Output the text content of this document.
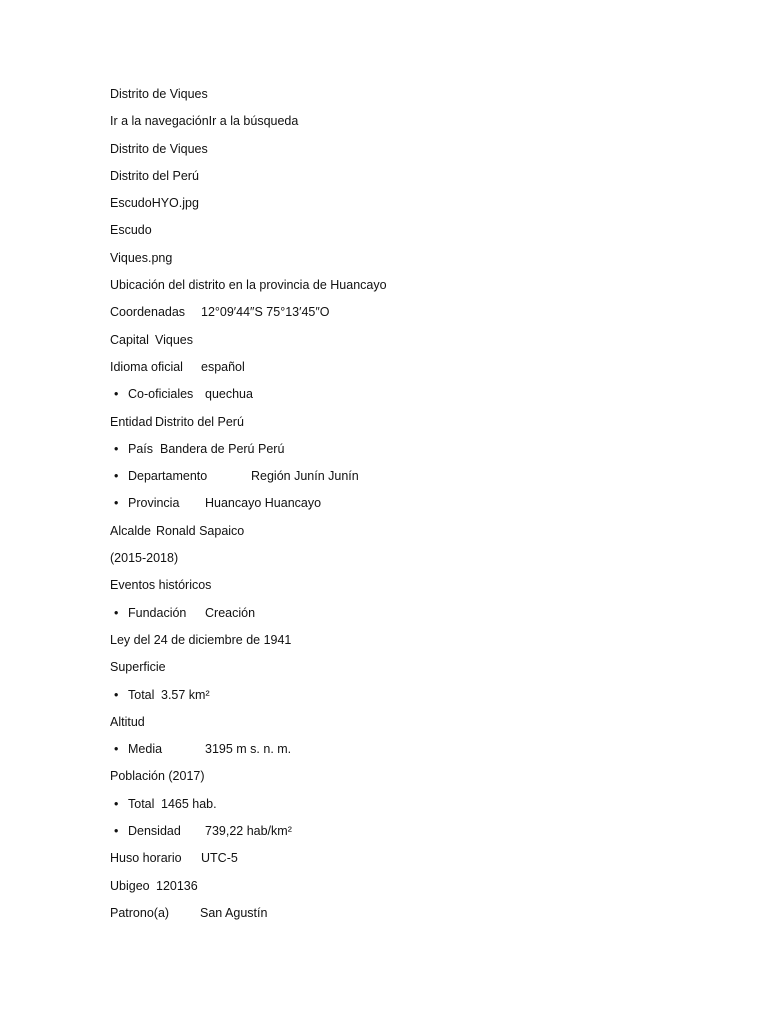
Distrito de Viques
Ir a la navegaciónIr a la búsqueda
Distrito de Viques
Distrito del Perú
EscudoHYO.jpg
Escudo
Viques.png
Ubicación del distrito en la provincia de Huancayo
Coordenadas	12°09′44″S 75°13′45″O
Capital Viques
Idioma oficial	español
• Co-oficiales quechua
Entidad Distrito del Perú
• País Bandera de Perú Perú
• Departamento	Región Junín Junín
• Provincia	Huancayo Huancayo
Alcalde Ronald Sapaico
(2015-2018)
Eventos históricos
• Fundación	Creación
Ley del 24 de diciembre de 1941
Superficie
• Total 3.57 km²
Altitud
• Media	3195 m s. n. m.
Población (2017)
• Total 1465 hab.
• Densidad	739,22 hab/km²
Huso horario	UTC-5
Ubigeo 120136
Patrono(a)	San Agustín
